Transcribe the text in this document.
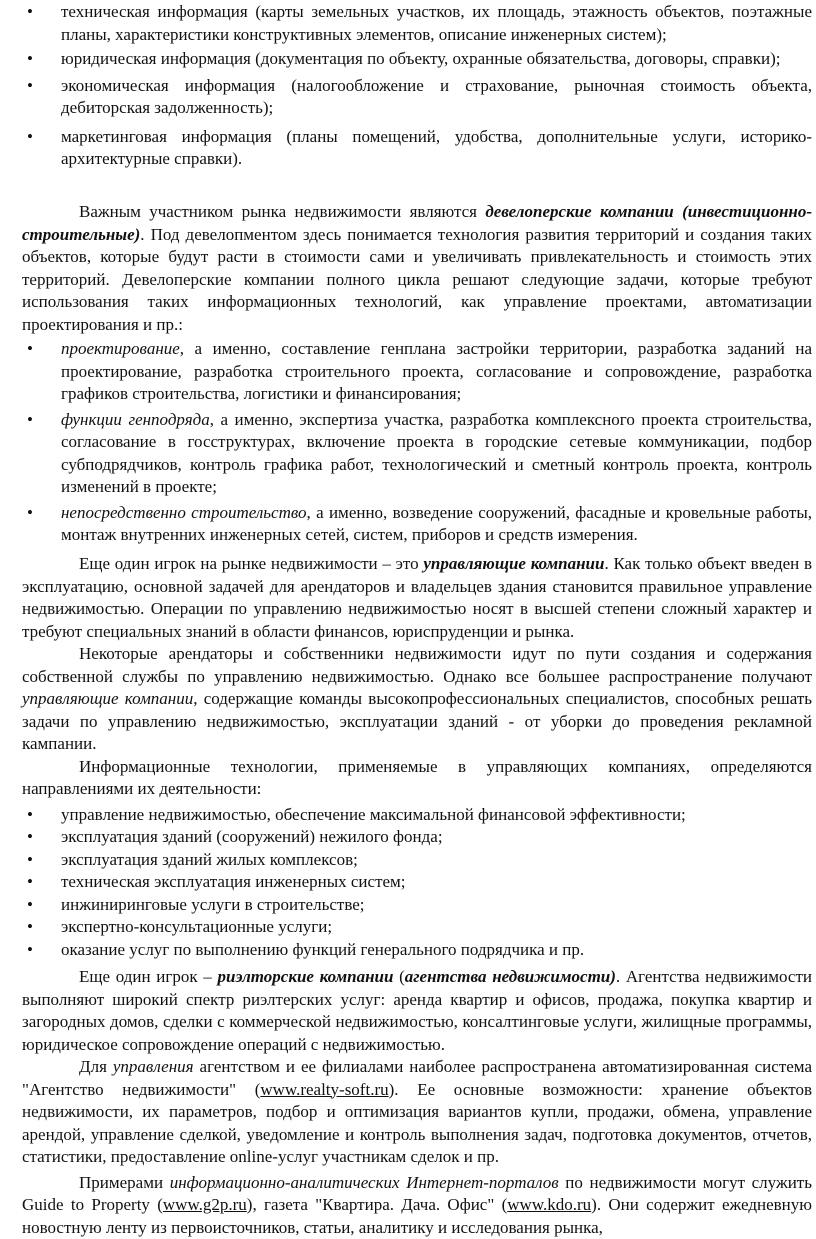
• техническая информация (карты земельных участков, их площадь, этажность объектов, поэтажные планы, характеристики конструктивных элементов, описание инженерных систем);
• юридическая информация (документация по объекту, охранные обязательства, договоры, справки);
• экономическая информация (налогообложение и страхование, рыночная стоимость объекта, дебиторская задолженность);
• маркетинговая информация (планы помещений, удобства, дополнительные услуги, историко-архитектурные справки).

Важным участником рынка недвижимости являются девелоперские компании (инвестиционно-строительные). Под девелопментом здесь понимается технология развития территорий и создания таких объектов, которые будут расти в стоимости сами и увеличивать привлекательность и стоимость этих территорий. Девелоперские компании полного цикла решают следующие задачи, которые требуют использования таких информационных технологий, как управление проектами, автоматизации проектирования и пр.:

• проектирование, а именно, составление генплана застройки территории, разработка заданий на проектирование, разработка строительного проекта, согласование и сопровождение, разработка графиков строительства, логистики и финансирования;
• функции генподряда, а именно, экспертиза участка, разработка комплексного проекта строительства, согласование в госструктурах, включение проекта в городские сетевые коммуникации, подбор субподрядчиков, контроль графика работ, технологический и сметный контроль проекта, контроль изменений в проекте;
• непосредственно строительство, а именно, возведение сооружений, фасадные и кровельные работы, монтаж внутренних инженерных сетей, систем, приборов и средств измерения.

Еще один игрок на рынке недвижимости – это управляющие компании. Как только объект введен в эксплуатацию, основной задачей для арендаторов и владельцев здания становится правильное управление недвижимостью. Операции по управлению недвижимостью носят в высшей степени сложный характер и требуют специальных знаний в области финансов, юриспруденции и рынка.

Некоторые арендаторы и собственники недвижимости идут по пути создания и содержания собственной службы по управлению недвижимостью. Однако все большее распространение получают управляющие компании, содержащие команды высокопрофессиональных специалистов, способных решать задачи по управлению недвижимостью, эксплуатации зданий - от уборки до проведения рекламной кампании.

Информационные технологии, применяемые в управляющих компаниях, определяются направлениями их деятельности:

• управление недвижимостью, обеспечение максимальной финансовой эффективности;
• эксплуатация зданий (сооружений) нежилого фонда;
• эксплуатация зданий жилых комплексов;
• техническая эксплуатация инженерных систем;
• инжиниринговые услуги в строительстве;
• экспертно-консультационные услуги;
• оказание услуг по выполнению функций генерального подрядчика и пр.

Еще один игрок – риэлторские компании (агентства недвижимости). Агентства недвижимости выполняют широкий спектр риэлтерских услуг: аренда квартир и офисов, продажа, покупка квартир и загородных домов, сделки с коммерческой недвижимостью, консалтинговые услуги, жилищные программы, юридическое сопровождение операций с недвижимостью.

Для управления агентством и ее филиалами наиболее распространена автоматизированная система "Агентство недвижимости" (www.realty-soft.ru). Ее основные возможности: хранение объектов недвижимости, их параметров, подбор и оптимизация вариантов купли, продажи, обмена, управление арендой, управление сделкой, уведомление и контроль выполнения задач, подготовка документов, отчетов, статистики, предоставление online-услуг участникам сделок и пр.

Примерами информационно-аналитических Интернет-порталов по недвижимости могут служить Guide to Property (www.g2p.ru), газета "Квартира. Дача. Офис" (www.kdo.ru). Они содержит ежедневную новостную ленту из первоисточников, статьи, аналитику и исследования рынка,
